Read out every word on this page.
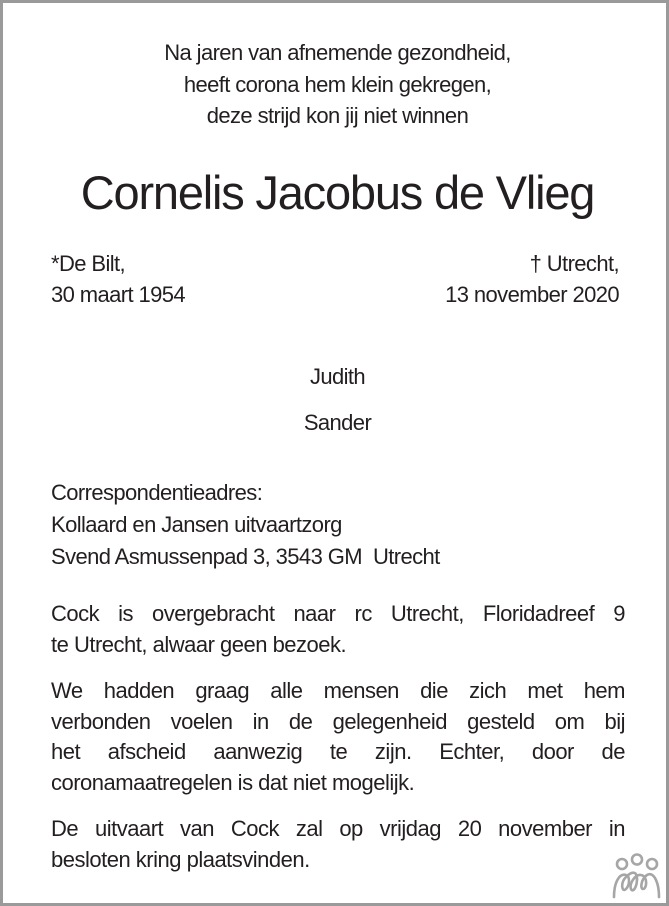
Na jaren van afnemende gezondheid,
heeft corona hem klein gekregen,
deze strijd kon jij niet winnen
Cornelis Jacobus de Vlieg
*De Bilt,
30 maart 1954
† Utrecht,
13 november 2020
Judith
Sander
Correspondentieadres:
Kollaard en Jansen uitvaartzorg
Svend Asmussenpad 3, 3543 GM  Utrecht
Cock is overgebracht naar rc Utrecht, Floridadreef 9
te Utrecht, alwaar geen bezoek.
We hadden graag alle mensen die zich met hem
verbonden voelen in de gelegenheid gesteld om bij
het afscheid aanwezig te zijn. Echter, door de
coronamaatregelen is dat niet mogelijk.
De uitvaart van Cock zal op vrijdag 20 november in
besloten kring plaatsvinden.
